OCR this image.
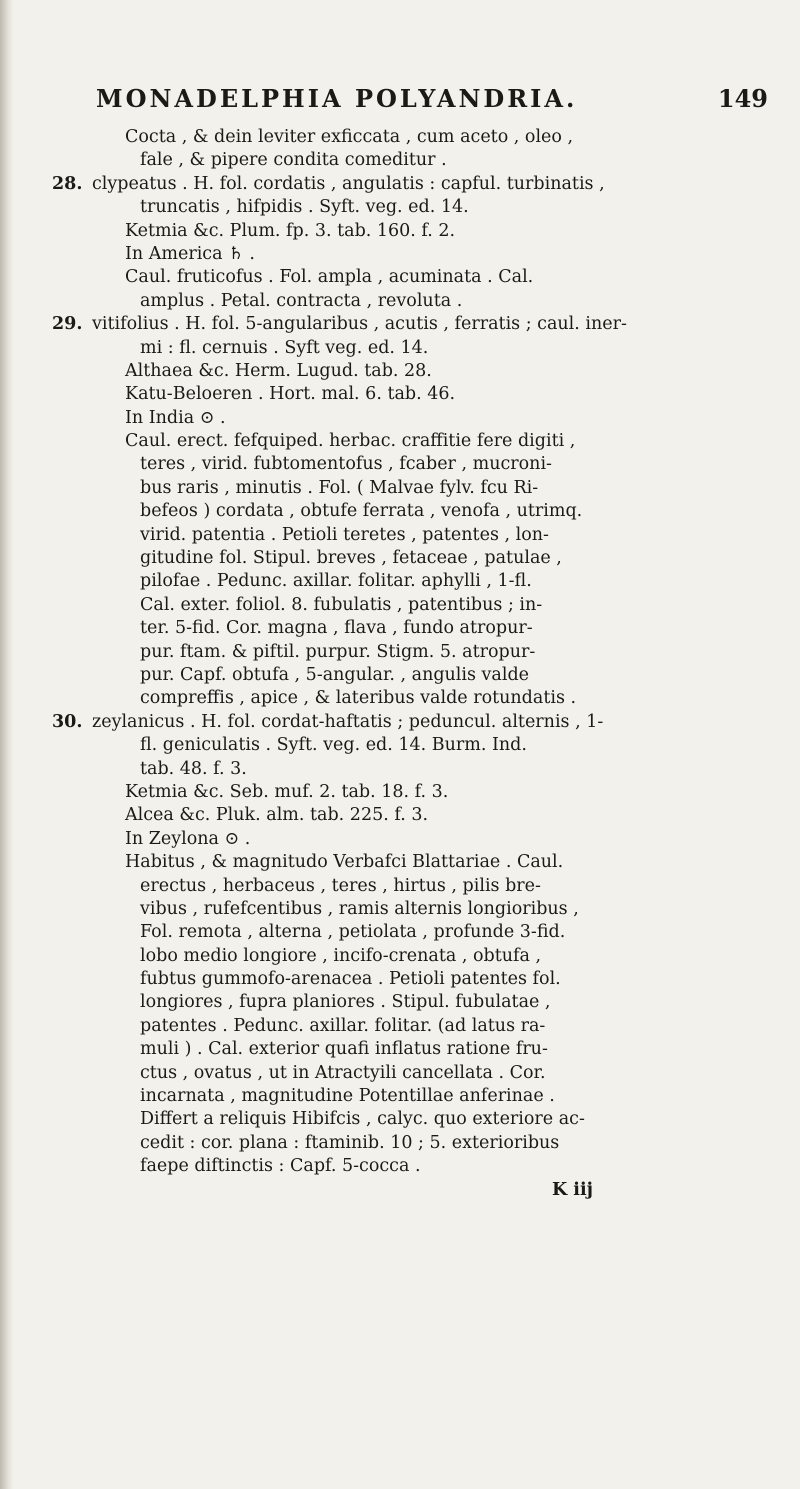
MONADELPHIA POLYANDRIA.	149
Cocta , & dein leviter exficcata , cum aceto , oleo ,
fale , & pipere condita comeditur .
28. clypeatus . H. fol. cordatis , angulatis : capful. turbinatis ,
truncatis , hifpidis . Syft. veg. ed. 14.
Ketmia &c. Plum. fp. 3. tab. 160. f. 2.
In America ♄ .
Caul. fruticofus . Fol. ampla , acuminata . Cal.
amplus . Petal. contracta , revoluta .
29. vitifolius . H. fol. 5-angularibus , acutis , ferratis ; caul. iner-
mi : fl. cernuis . Syft veg. ed. 14.
Althaea &c. Herm. Lugud. tab. 28.
Katu-Beloeren . Hort. mal. 6. tab. 46.
In India ⊙ .
Caul. erect. fefquiped. herbac. craffitie fere digiti ,
teres , virid. fubtomentofus , fcaber , mucroni-
bus raris , minutis . Fol. ( Malvae fylv. fcu Ri-
befeos ) cordata , obtufe ferrata , venofa , utrimq.
virid. patentia . Petioli teretes , patentes , lon-
gitudine fol. Stipul. breves , fetaceae , patulae ,
pilofae . Pedunc. axillar. folitar. aphylli , 1-fl.
Cal. exter. foliol. 8. fubulatis , patentibus ; in-
ter. 5-fid. Cor. magna , flava , fundo atropur-
pur. ftam. & piftil. purpur. Stigm. 5. atropur-
pur. Capf. obtufa , 5-angular. , angulis valde
compreffis , apice , & lateribus valde rotundatis .
30. zeylanicus . H. fol. cordat-haftatis ; peduncul. alternis , 1-
fl. geniculatis . Syft. veg. ed. 14. Burm. Ind.
tab. 48. f. 3.
Ketmia &c. Seb. muf. 2. tab. 18. f. 3.
Alcea &c. Pluk. alm. tab. 225. f. 3.
In Zeylona ⊙ .
Habitus , & magnitudo Verbafci Blattariae . Caul.
erectus , herbaceus , teres , hirtus , pilis bre-
vibus , rufefcentibus , ramis alternis longioribus ,
Fol. remota , alterna , petiolata , profunde 3-fid.
lobo medio longiore , incifo-crenata , obtufa ,
fubtus gummofo-arenacea . Petioli patentes fol.
longiores , fupra planiores . Stipul. fubulatae ,
patentes . Pedunc. axillar. folitar. (ad latus ra-
muli ) . Cal. exterior quafi inflatus ratione fru-
ctus , ovatus , ut in Atractyili cancellata . Cor.
incarnata , magnitudine Potentillae anferinae .
Differt a reliquis Hibifcis , calyc. quo exteriore ac-
cedit : cor. plana : ftaminib. 10 ; 5. exterioribus
faepe diftinctis : Capf. 5-cocca .
K iij
